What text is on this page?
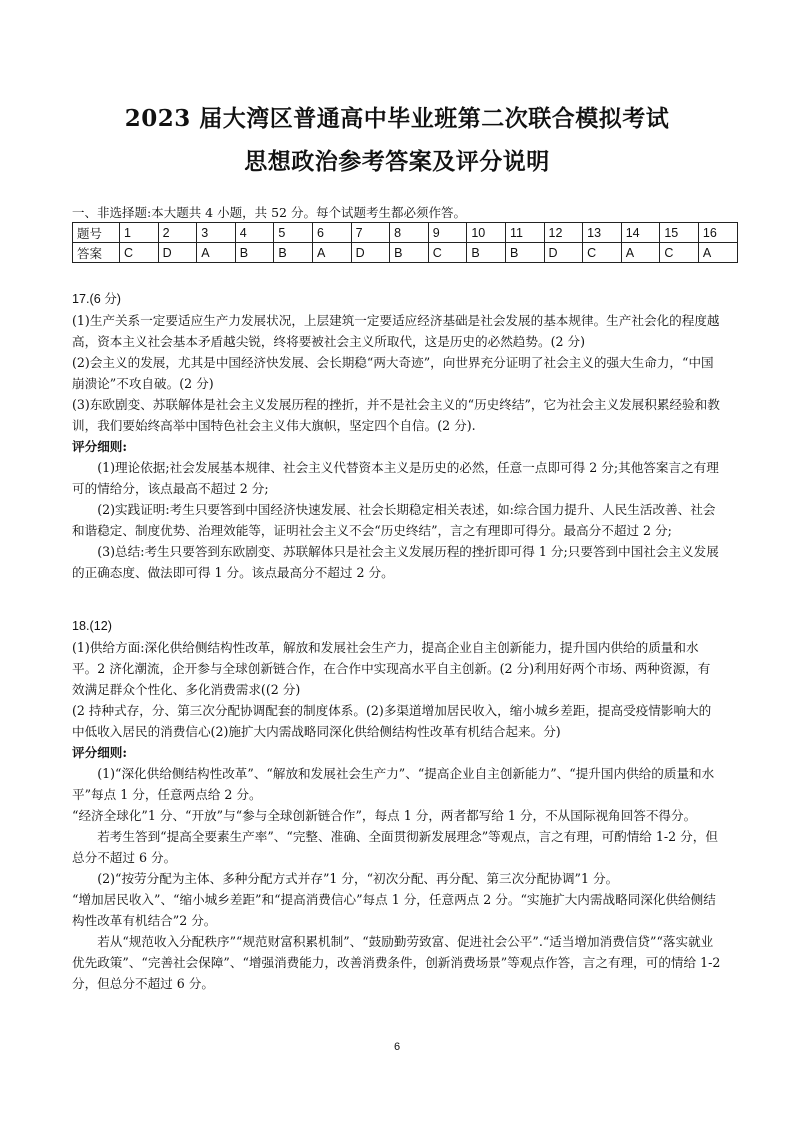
2023 届大湾区普通高中毕业班第二次联合模拟考试
思想政治参考答案及评分说明
一、非选择题:本大题共 4 小题，共 52 分。每个试题考生都必须作答。
题号	1	2	3	4	5	6	7	8	9	10	11	12	13	14	15	16
答案	C	D	A	B	B	A	D	B	C	B	B	D	C	A	C	A

17.(6 分)

(1)生产关系一定要适应生产力发展状况，上层建筑一定要适应经济基础是社会发展的基本规律。生产社会化的程度越高，资本主义社会基本矛盾越尖锐，终将要被社会主义所取代，这是历史的必然趋势。(2 分)

(2)会主义的发展，尤其是中国经济快发展、会长期稳“两大奇迹”，向世界充分证明了社会主义的强大生命力，“中国崩溃论”不攻自破。(2 分)

(3)东欧剧变、苏联解体是社会主义发展历程的挫折，并不是社会主义的“历史终结”，它为社会主义发展积累经验和教训，我们要始终高举中国特色社会主义伟大旗帜，坚定四个自信。(2 分).

评分细则:

(1)理论依据;社会发展基本规律、社会主义代替资本主义是历史的必然，任意一点即可得 2 分;其他答案言之有理可的情给分，该点最高不超过 2 分;

(2)实践证明:考生只要答到中国经济快速发展、社会长期稳定相关表述，如:综合国力提升、人民生活改善、社会和谐稳定、制度优势、治理效能等，证明社会主义不会“历史终结”，言之有理即可得分。最高分不超过 2 分;

(3)总结:考生只要答到东欧剧变、苏联解体只是社会主义发展历程的挫折即可得 1 分;只要答到中国社会主义发展的正确态度、做法即可得 1 分。该点最高分不超过 2 分。

18.(12)

(1)供给方面:深化供给侧结构性改革，解放和发展社会生产力，提高企业自主创新能力，提升国内供给的质量和水平。2 济化潮流，企开参与全球创新链合作，在合作中实现高水平自主创新。(2 分)利用好两个市场、两种资源，有效满足群众个性化、多化消费需求((2 分)

(2 持种式存，分、第三次分配协调配套的制度体系。(2)多渠道增加居民收入，缩小城乡差距，提高受疫情影响大的中低收入居民的消费信心(2)施扩大内需战略同深化供给侧结构性改革有机结合起来。分)

评分细则:

(1)“深化供给侧结构性改革”、“解放和发展社会生产力”、“提高企业自主创新能力”、“提升国内供给的质量和水平”每点 1 分，任意两点给 2 分。

“经济全球化”1 分、“开放”与“参与全球创新链合作”，每点 1 分，两者都写给 1 分，不从国际视角回答不得分。

若考生答到“提高全要素生产率”、“完整、准确、全面贯彻新发展理念”等观点，言之有理，可酌情给 1-2 分，但总分不超过 6 分。

(2)“按劳分配为主体、多种分配方式并存”1 分，“初次分配、再分配、第三次分配协调”1 分。

“增加居民收入”、“缩小城乡差距”和“提高消费信心”每点 1 分，任意两点 2 分。“实施扩大内需战略同深化供给侧结构性改革有机结合”2 分。

若从“规范收入分配秩序”“规范财富积累机制”、“鼓励勤劳致富、促进社会公平”.“适当增加消费信贷”“落实就业优先政策”、“完善社会保障”、“增强消费能力，改善消费条件，创新消费场景”等观点作答，言之有理，可的情给 1-2 分，但总分不超过 6 分。

6
